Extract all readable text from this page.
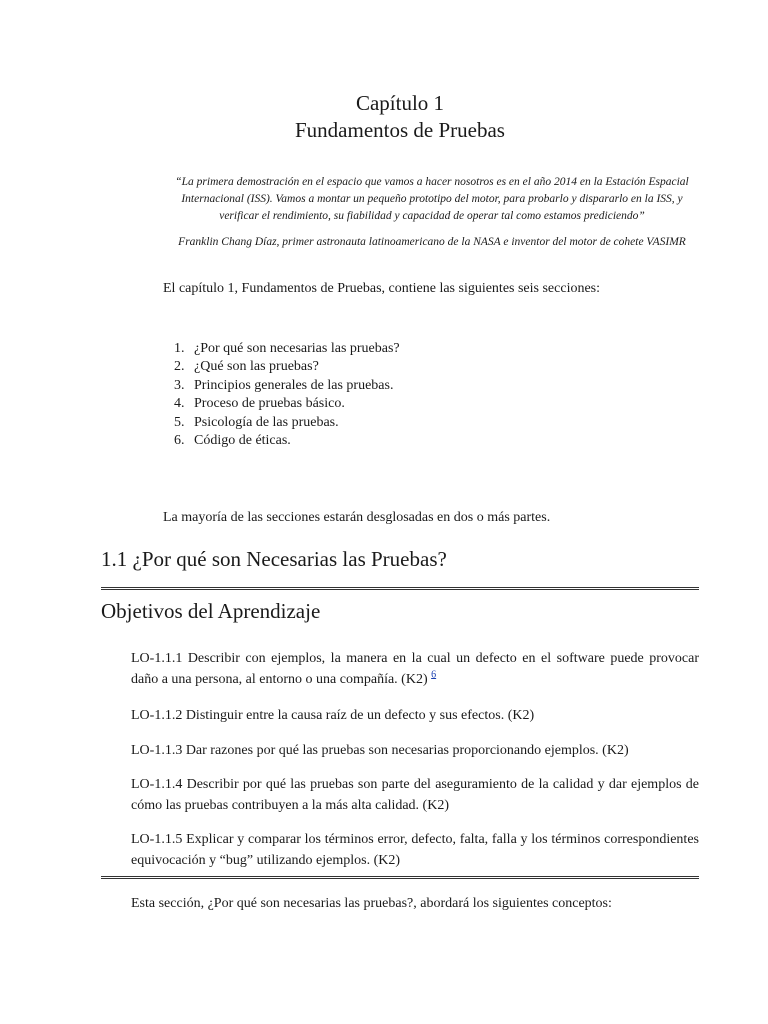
Capítulo 1
Fundamentos de Pruebas

“La primera demostración en el espacio que vamos a hacer nosotros es en el año 2014 en la Estación Espacial Internacional (ISS). Vamos a montar un pequeño prototipo del motor, para probarlo y dispararlo en la ISS, y verificar el rendimiento, su fiabilidad y capacidad de operar tal como estamos prediciendo”

Franklin Chang Díaz, primer astronauta latinoamericano de la NASA e inventor del motor de cohete VASIMR

El capítulo 1, Fundamentos de Pruebas, contiene las siguientes seis secciones:

1. ¿Por qué son necesarias las pruebas?
2. ¿Qué son las pruebas?
3. Principios generales de las pruebas.
4. Proceso de pruebas básico.
5. Psicología de las pruebas.
6. Código de éticas.

La mayoría de las secciones estarán desglosadas en dos o más partes.

1.1 ¿Por qué son Necesarias las Pruebas?
Objetivos del Aprendizaje

LO-1.1.1 Describir con ejemplos, la manera en la cual un defecto en el software puede provocar daño a una persona, al entorno o una compañía. (K2) $^6$

LO-1.1.2 Distinguir entre la causa raíz de un defecto y sus efectos. (K2)

LO-1.1.3 Dar razones por qué las pruebas son necesarias proporcionando ejemplos. (K2)

LO-1.1.4 Describir por qué las pruebas son parte del aseguramiento de la calidad y dar ejemplos de cómo las pruebas contribuyen a la más alta calidad. (K2)

LO-1.1.5 Explicar y comparar los términos error, defecto, falta, falla y los términos correspondientes equivocación y “bug” utilizando ejemplos. (K2)

Esta sección, ¿Por qué son necesarias las pruebas?, abordará los siguientes conceptos:
